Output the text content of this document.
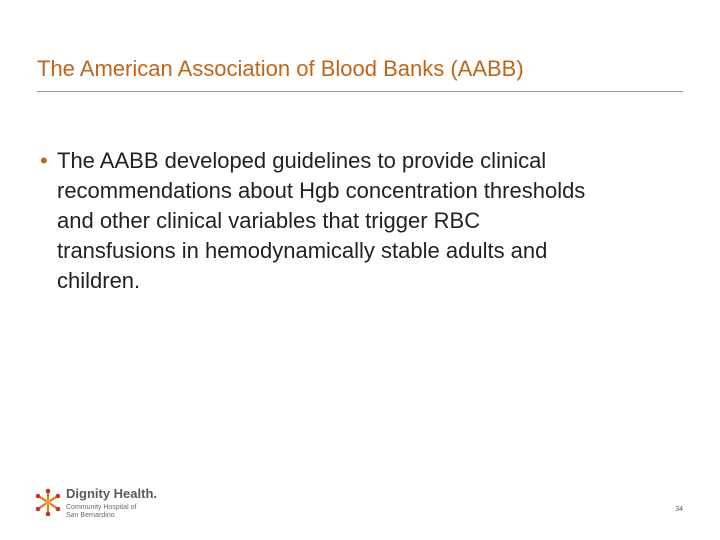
The American Association of Blood Banks (AABB)
• The AABB developed guidelines to provide clinical
recommendations about Hgb concentration thresholds
and other clinical variables that trigger RBC
transfusions in hemodynamically stable adults and
children.
Dignity Health.
Community Hospital of
San Bernardino
34
